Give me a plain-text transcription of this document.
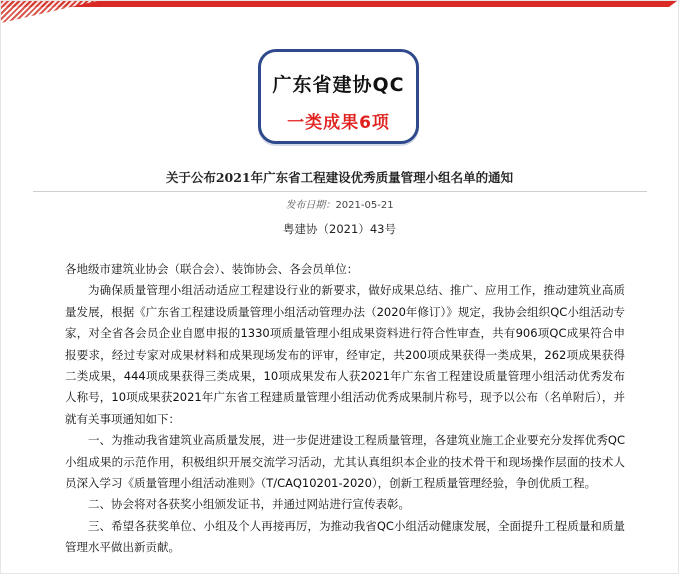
广东省建协QC
一类成果6项
关于公布2021年广东省工程建设优秀质量管理小组名单的通知
发布日期：2021-05-21
粤建协（2021）43号

各地级市建筑业协会（联合会）、装饰协会、各会员单位：

为确保质量管理小组活动适应工程建设行业的新要求，做好成果总结、推广、应用工作，推动建筑业高质量发展，根据《广东省工程建设质量管理小组活动管理办法（2020年修订）》规定，我协会组织QC小组活动专家，对全省各会员企业自愿申报的1330项质量管理小组成果资料进行符合性审查，共有906项QC成果符合申报要求，经过专家对成果材料和成果现场发布的评审，经审定，共200项成果获得一类成果，262项成果获得二类成果，444项成果获得三类成果，10项成果发布人获2021年广东省工程建设质量管理小组活动优秀发布人称号，10项成果获2021年广东省工程建质量管理小组活动优秀成果制片称号，现予以公布（名单附后），并就有关事项通知如下：

一、为推动我省建筑业高质量发展，进一步促进建设工程质量管理，各建筑业施工企业要充分发挥优秀QC小组成果的示范作用，积极组织开展交流学习活动，尤其认真组织本企业的技术骨干和现场操作层面的技术人员深入学习《质量管理小组活动准则》（T/CAQ10201-2020），创新工程质量管理经验，争创优质工程。

二、协会将对各获奖小组颁发证书，并通过网站进行宣传表彰。

三、希望各获奖单位、小组及个人再接再厉，为推动我省QC小组活动健康发展，全面提升工程质量和质量管理水平做出新贡献。
